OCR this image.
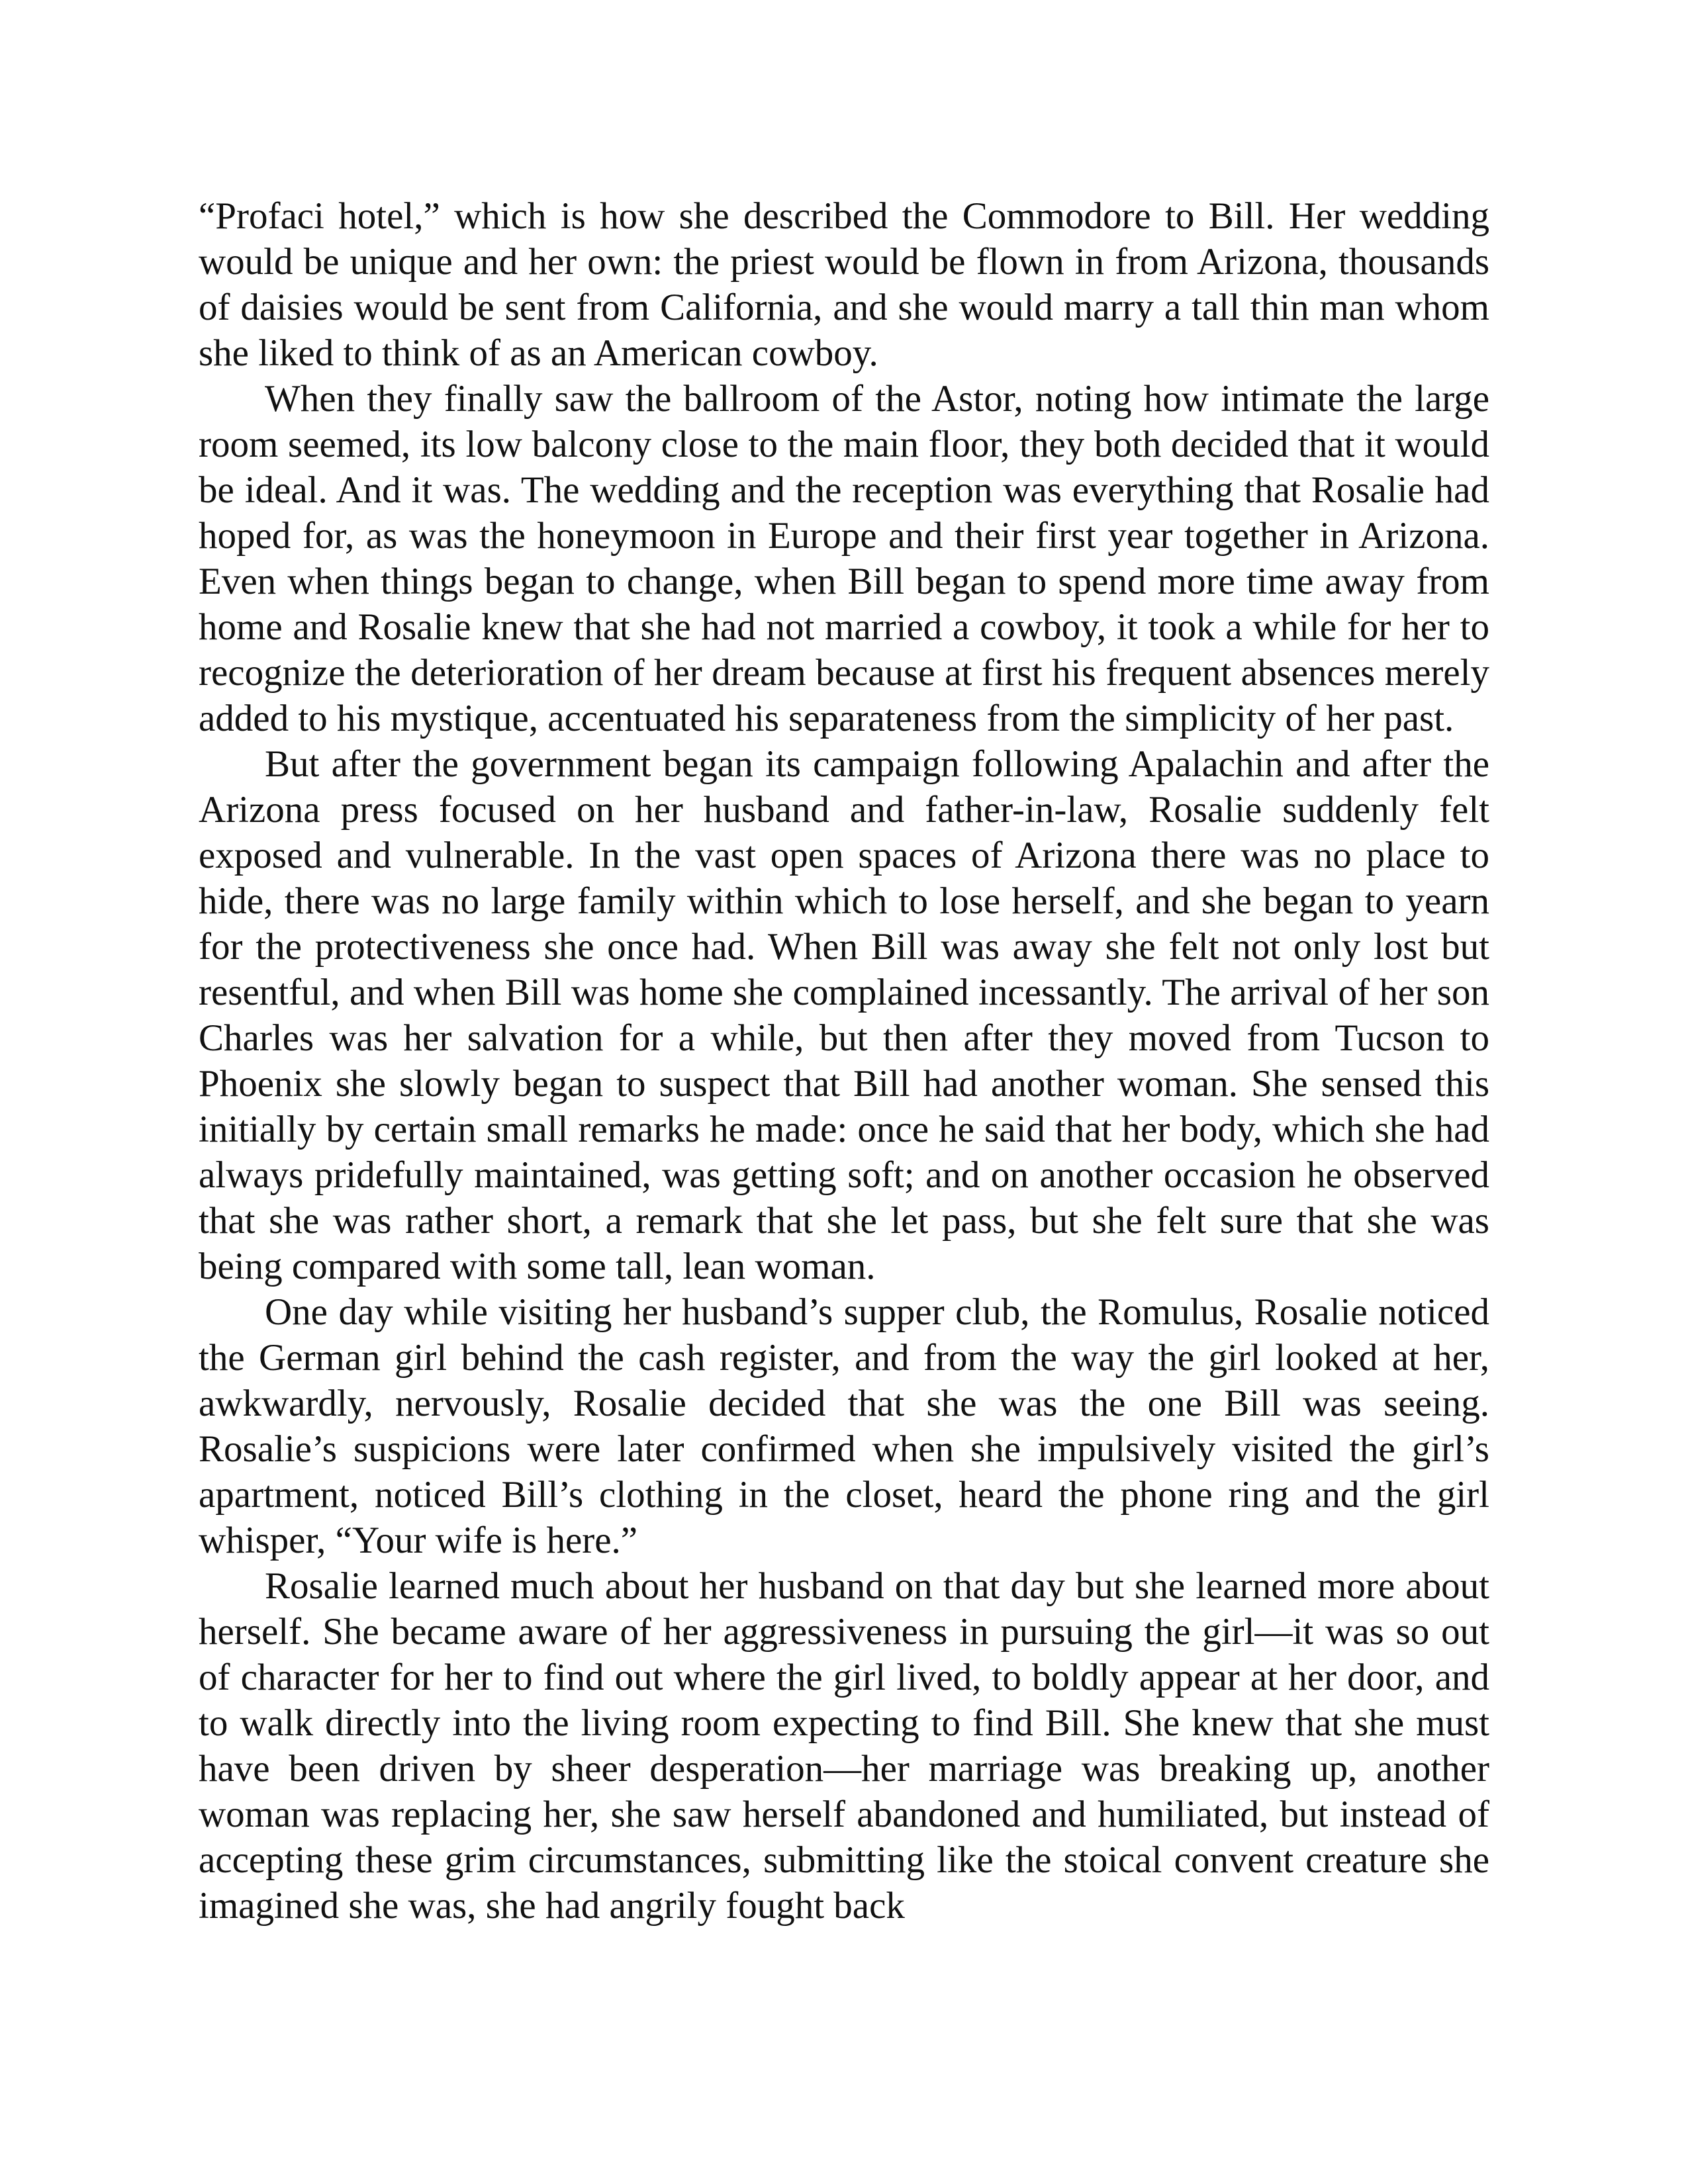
“Profaci hotel,” which is how she described the Commodore to Bill. Her wedding would be unique and her own: the priest would be flown in from Arizona, thousands of daisies would be sent from California, and she would marry a tall thin man whom she liked to think of as an American cowboy.

When they finally saw the ballroom of the Astor, noting how intimate the large room seemed, its low balcony close to the main floor, they both decided that it would be ideal. And it was. The wedding and the reception was everything that Rosalie had hoped for, as was the honeymoon in Europe and their first year together in Arizona. Even when things began to change, when Bill began to spend more time away from home and Rosalie knew that she had not married a cowboy, it took a while for her to recognize the deterioration of her dream because at first his frequent absences merely added to his mystique, accentuated his separateness from the simplicity of her past.

But after the government began its campaign following Apalachin and after the Arizona press focused on her husband and father-in-law, Rosalie suddenly felt exposed and vulnerable. In the vast open spaces of Arizona there was no place to hide, there was no large family within which to lose herself, and she began to yearn for the protectiveness she once had. When Bill was away she felt not only lost but resentful, and when Bill was home she complained incessantly. The arrival of her son Charles was her salvation for a while, but then after they moved from Tucson to Phoenix she slowly began to suspect that Bill had another woman. She sensed this initially by certain small remarks he made: once he said that her body, which she had always pridefully maintained, was getting soft; and on another occasion he observed that she was rather short, a remark that she let pass, but she felt sure that she was being compared with some tall, lean woman.

One day while visiting her husband’s supper club, the Romulus, Rosalie noticed the German girl behind the cash register, and from the way the girl looked at her, awkwardly, nervously, Rosalie decided that she was the one Bill was seeing. Rosalie’s suspicions were later confirmed when she impulsively visited the girl’s apartment, noticed Bill’s clothing in the closet, heard the phone ring and the girl whisper, “Your wife is here.”

Rosalie learned much about her husband on that day but she learned more about herself. She became aware of her aggressiveness in pursuing the girl—it was so out of character for her to find out where the girl lived, to boldly appear at her door, and to walk directly into the living room expecting to find Bill. She knew that she must have been driven by sheer desperation—her marriage was breaking up, another woman was replacing her, she saw herself abandoned and humiliated, but instead of accepting these grim circumstances, submitting like the stoical convent creature she imagined she was, she had angrily fought back
